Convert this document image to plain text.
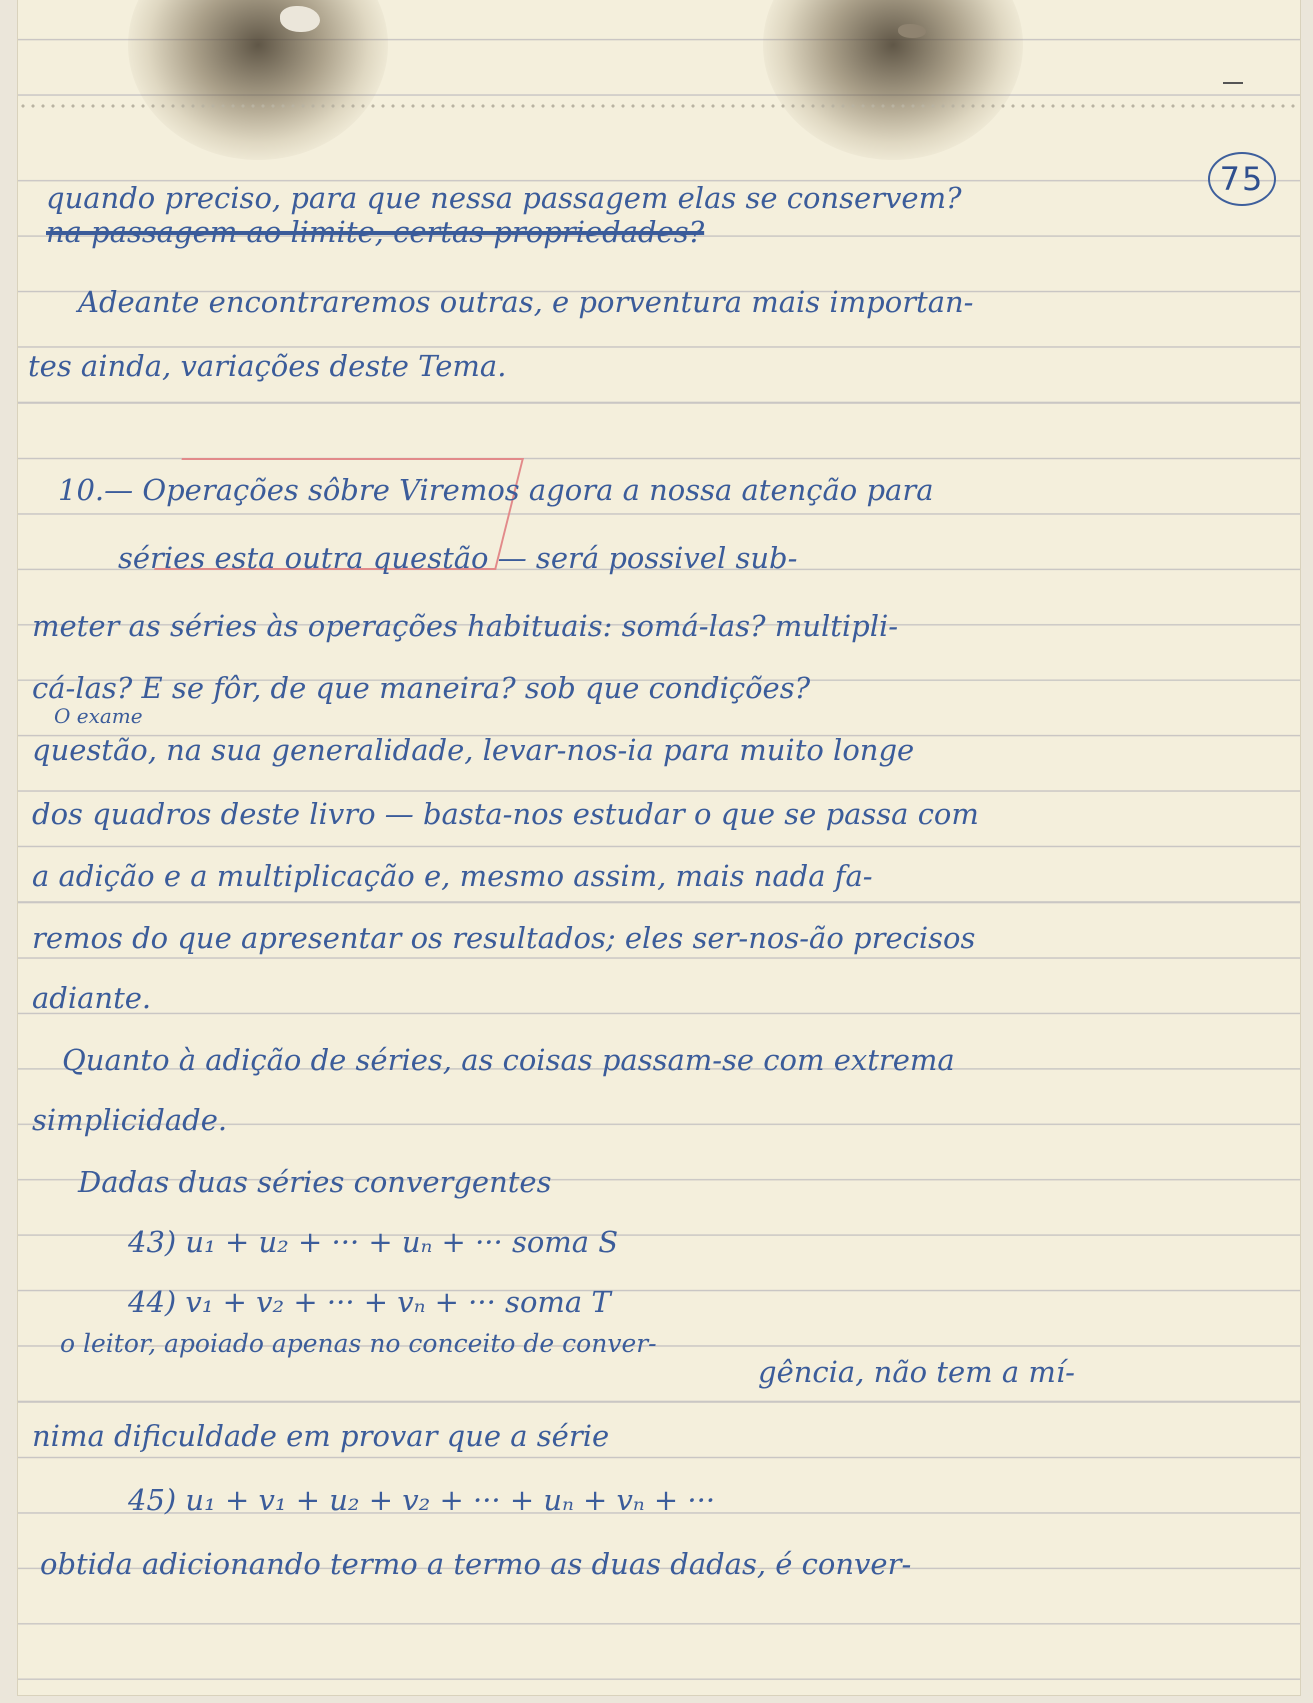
75
quando preciso, para que nessa passagem elas se conservem?
na passagem ao limite, certas propriedades?
Adeante encontraremos outras, e porventura mais importan-
tes ainda, variações deste Tema.
10.— Operações sôbre Viremos agora a nossa atenção para
séries esta outra questão — será possivel sub-
meter as séries às operações habituais: somá-las? multipli-
cá-las? E se fôr, de que maneira? sob que condições?
O exame
questão, na sua generalidade, levar-nos-ia para muito longe
dos quadros deste livro — basta-nos estudar o que se passa com
a adição e a multiplicação e, mesmo assim, mais nada fa-
remos do que apresentar os resultados; eles ser-nos-ão precisos
adiante.
Quanto à adição de séries, as coisas passam-se com extrema
simplicidade.
Dadas duas séries convergentes
43) u₁ + u₂ + ··· + uₙ + ··· soma S
44) v₁ + v₂ + ··· + vₙ + ··· soma T
o leitor, apoiado apenas no conceito de conver-
gência, não tem a mí-
nima dificuldade em provar que a série
45) u₁ + v₁ + u₂ + v₂ + ··· + uₙ + vₙ + ···
obtida adicionando termo a termo as duas dadas, é conver-
